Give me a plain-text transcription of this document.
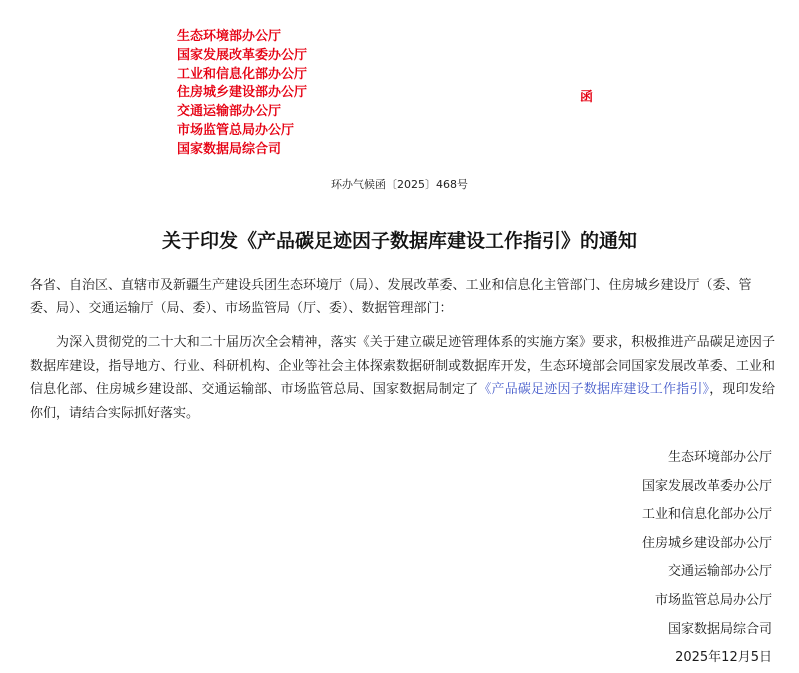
生态环境部办公厅
国家发展改革委办公厅
工业和信息化部办公厅
住房城乡建设部办公厅
交通运输部办公厅
市场监管总局办公厅
国家数据局综合司
函
环办气候函〔2025〕468号
关于印发《产品碳足迹因子数据库建设工作指引》的通知

各省、自治区、直辖市及新疆生产建设兵团生态环境厅（局）、发展改革委、工业和信息化主管部门、住房城乡建设厅（委、管委、局）、交通运输厅（局、委）、市场监管局（厅、委）、数据管理部门：

为深入贯彻党的二十大和二十届历次全会精神，落实《关于建立碳足迹管理体系的实施方案》要求，积极推进产品碳足迹因子数据库建设，指导地方、行业、科研机构、企业等社会主体探索数据研制或数据库开发，生态环境部会同国家发展改革委、工业和信息化部、住房城乡建设部、交通运输部、市场监管总局、国家数据局制定了《产品碳足迹因子数据库建设工作指引》，现印发给你们，请结合实际抓好落实。

生态环境部办公厅
国家发展改革委办公厅
工业和信息化部办公厅
住房城乡建设部办公厅
交通运输部办公厅
市场监管总局办公厅
国家数据局综合司
2025年12月5日
